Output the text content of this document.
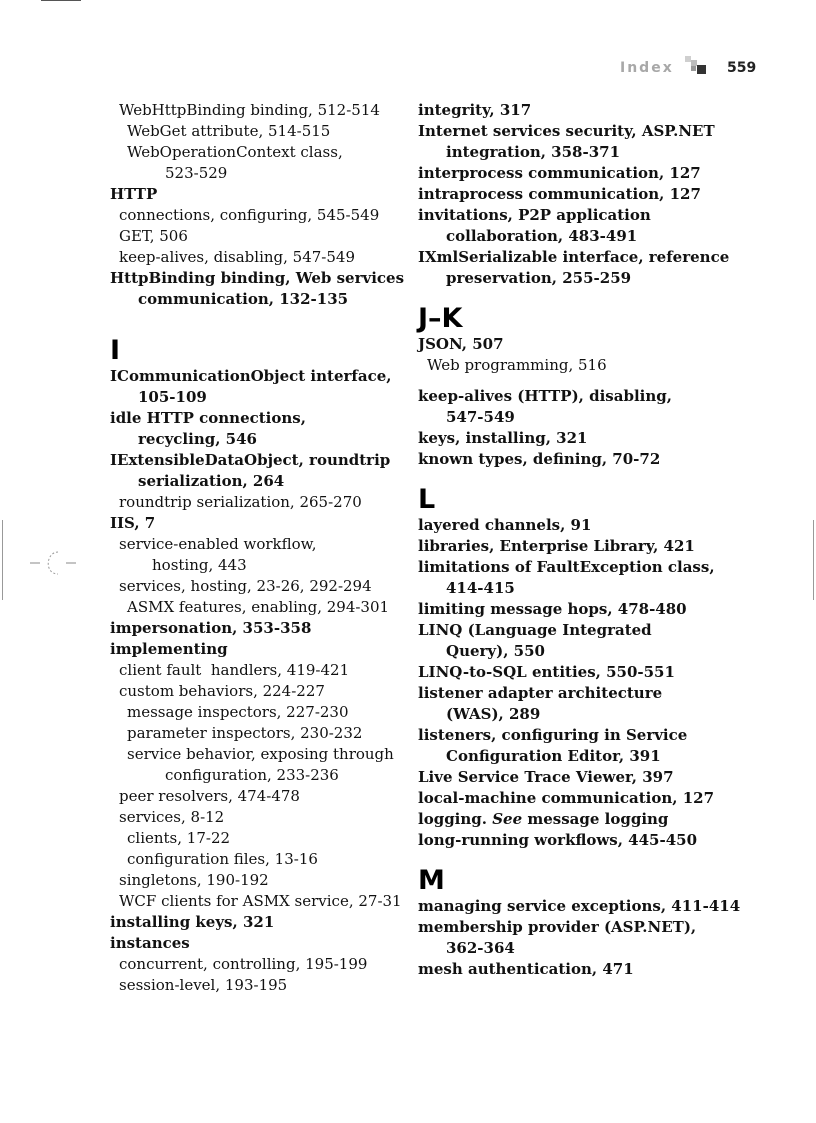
Index	559

WebHttpBinding binding, 512-514

WebGet attribute, 514-515

WebOperationContext class,

523-529

HTTP

connections, configuring, 545-549

GET, 506

keep-alives, disabling, 547-549

HttpBinding binding, Web services

communication, 132-135

I

ICommunicationObject interface,

105-109

idle HTTP connections,

recycling, 546

IExtensibleDataObject, roundtrip

serialization, 264

roundtrip serialization, 265-270

IIS, 7

service-enabled workflow,

hosting, 443

services, hosting, 23-26, 292-294

ASMX features, enabling, 294-301

impersonation, 353-358

implementing

client fault  handlers, 419-421

custom behaviors, 224-227

message inspectors, 227-230

parameter inspectors, 230-232

service behavior, exposing through

configuration, 233-236

peer resolvers, 474-478

services, 8-12

clients, 17-22

configuration files, 13-16

singletons, 190-192

WCF clients for ASMX service, 27-31

installing keys, 321

instances

concurrent, controlling, 195-199

session-level, 193-195

integrity, 317

Internet services security, ASP.NET

integration, 358-371

interprocess communication, 127

intraprocess communication, 127

invitations, P2P application

collaboration, 483-491

IXmlSerializable interface, reference

preservation, 255-259

J–K

JSON, 507

Web programming, 516

keep-alives (HTTP), disabling,

547-549

keys, installing, 321

known types, defining, 70-72

L

layered channels, 91

libraries, Enterprise Library, 421

limitations of FaultException class,

414-415

limiting message hops, 478-480

LINQ (Language Integrated

Query), 550

LINQ-to-SQL entities, 550-551

listener adapter architecture

(WAS), 289

listeners, configuring in Service

Configuration Editor, 391

Live Service Trace Viewer, 397

local-machine communication, 127

logging. See message logging

long-running workflows, 445-450

M

managing service exceptions, 411-414

membership provider (ASP.NET),

362-364

mesh authentication, 471
